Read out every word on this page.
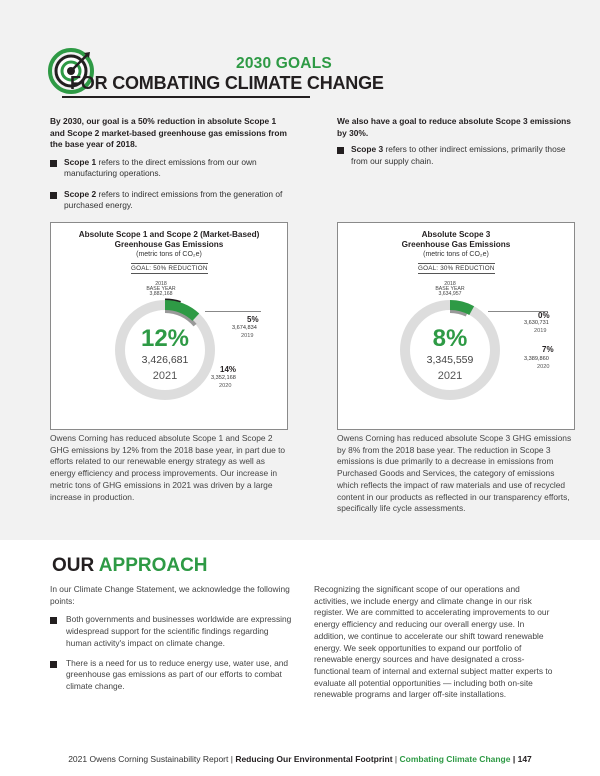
2030 GOALS
FOR COMBATING CLIMATE CHANGE
By 2030, our goal is a 50% reduction in absolute Scope 1 and Scope 2 market-based greenhouse gas emissions from the base year of 2018.
Scope 1 refers to the direct emissions from our own manufacturing operations.
Scope 2 refers to indirect emissions from the generation of purchased energy.
We also have a goal to reduce absolute Scope 3 emissions by 30%.
Scope 3 refers to other indirect emissions, primarily those from our supply chain.
Absolute Scope 1 and Scope 2 (Market-Based)
Greenhouse Gas Emissions
(metric tons of CO₂e)
GOAL: 50% REDUCTION
2018
BASE YEAR
3,882,168
12%
3,426,681
2021
5%
3,674,834
2019
14%
3,352,168
2020
Absolute Scope 3
Greenhouse Gas Emissions
(metric tons of CO₂e)
GOAL: 30% REDUCTION
2018
BASE YEAR
3,634,957
8%
3,345,559
2021
0%
3,630,731
2019
7%
3,389,860
2020
Owens Corning has reduced absolute Scope 1 and Scope 2 GHG emissions by 12% from the 2018 base year, in part due to efforts related to our renewable energy strategy as well as energy efficiency and process improvements. Our increase in metric tons of GHG emissions in 2021 was driven by a large increase in production.
Owens Corning has reduced absolute Scope 3 GHG emissions by 8% from the 2018 base year. The reduction in Scope 3 emissions is due primarily to a decrease in emissions from Purchased Goods and Services, the category of emissions which reflects the impact of raw materials and use of recycled content in our products as reflected in our transparency efforts, specifically life cycle assessments.
OUR APPROACH
In our Climate Change Statement, we acknowledge the following points:
Both governments and businesses worldwide are expressing widespread support for the scientific findings regarding human activity's impact on climate change.
There is a need for us to reduce energy use, water use, and greenhouse gas emissions as part of our efforts to combat climate change.
Recognizing the significant scope of our operations and activities, we include energy and climate change in our risk register. We are committed to accelerating improvements to our energy efficiency and reducing our overall energy use. In addition, we continue to accelerate our shift toward renewable energy. We seek opportunities to expand our portfolio of renewable energy sources and have designated a cross-functional team of internal and external subject matter experts to evaluate all potential opportunities — including both on-site renewable programs and larger off-site installations.
2021 Owens Corning Sustainability Report | Reducing Our Environmental Footprint | Combating Climate Change | 147
